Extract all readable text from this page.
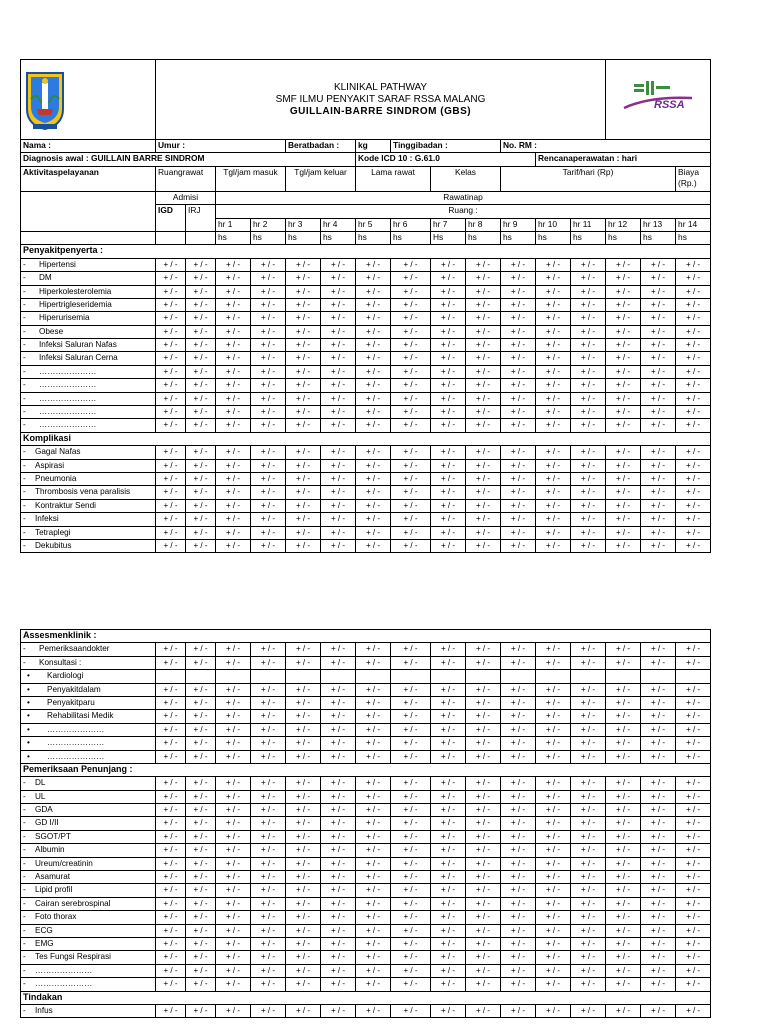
KLINIKAL PATHWAY
SMF ILMU PENYAKIT SARAF RSSA MALANG
GUILLAIN-BARRE SINDROM (GBS)													RSSA		

Nama :	Umur :				Beratbadan :		kg	Tinggibadan :			No. RM :					
Diagnosis awal : GUILLAIN BARRE SINDROM							Kode ICD 10 : G.61.0					Rencanaperawatan : hari				
Aktivitaspelayanan	Ruangrawat		Tgl/jam masuk		Tgl/jam keluar		Lama rawat		Kelas		Tarif/hari (Rp)					Biaya (Rp.)
	Admisi		Rawatinap													
	IGD	IRJ	Ruang :													
			hr 1	hr 2	hr 3	hr 4	hr 5	hr 6	hr 7	hr 8	hr 9	hr 10	hr 11	hr 12	hr 13	hr 14
			hs	hs	hs	hs	hs	hs	Hs	hs	hs	hs	hs	hs	hs	hs
Penyakitpenyerta :																
- Hipertensi	+ / -	+ / -	+ / -	+ / -	+ / -	+ / -	+ / -	+ / -	+ / -	+ / -	+ / -	+ / -	+ / -	+ / -	+ / -	+ / -
- DM	+ / -	+ / -	+ / -	+ / -	+ / -	+ / -	+ / -	+ / -	+ / -	+ / -	+ / -	+ / -	+ / -	+ / -	+ / -	+ / -
- Hiperkolesterolemia	+ / -	+ / -	+ / -	+ / -	+ / -	+ / -	+ / -	+ / -	+ / -	+ / -	+ / -	+ / -	+ / -	+ / -	+ / -	+ / -
- Hipertrigleseridemia	+ / -	+ / -	+ / -	+ / -	+ / -	+ / -	+ / -	+ / -	+ / -	+ / -	+ / -	+ / -	+ / -	+ / -	+ / -	+ / -
- Hiperurisemia	+ / -	+ / -	+ / -	+ / -	+ / -	+ / -	+ / -	+ / -	+ / -	+ / -	+ / -	+ / -	+ / -	+ / -	+ / -	+ / -
- Obese	+ / -	+ / -	+ / -	+ / -	+ / -	+ / -	+ / -	+ / -	+ / -	+ / -	+ / -	+ / -	+ / -	+ / -	+ / -	+ / -
- Infeksi Saluran Nafas	+ / -	+ / -	+ / -	+ / -	+ / -	+ / -	+ / -	+ / -	+ / -	+ / -	+ / -	+ / -	+ / -	+ / -	+ / -	+ / -
- Infeksi Saluran Cerna	+ / -	+ / -	+ / -	+ / -	+ / -	+ / -	+ / -	+ / -	+ / -	+ / -	+ / -	+ / -	+ / -	+ / -	+ / -	+ / -
- …………………	+ / -	+ / -	+ / -	+ / -	+ / -	+ / -	+ / -	+ / -	+ / -	+ / -	+ / -	+ / -	+ / -	+ / -	+ / -	+ / -
- …………………	+ / -	+ / -	+ / -	+ / -	+ / -	+ / -	+ / -	+ / -	+ / -	+ / -	+ / -	+ / -	+ / -	+ / -	+ / -	+ / -
- …………………	+ / -	+ / -	+ / -	+ / -	+ / -	+ / -	+ / -	+ / -	+ / -	+ / -	+ / -	+ / -	+ / -	+ / -	+ / -	+ / -
- …………………	+ / -	+ / -	+ / -	+ / -	+ / -	+ / -	+ / -	+ / -	+ / -	+ / -	+ / -	+ / -	+ / -	+ / -	+ / -	+ / -
- …………………	+ / -	+ / -	+ / -	+ / -	+ / -	+ / -	+ / -	+ / -	+ / -	+ / -	+ / -	+ / -	+ / -	+ / -	+ / -	+ / -
Komplikasi																
- Gagal Nafas	+ / -	+ / -	+ / -	+ / -	+ / -	+ / -	+ / -	+ / -	+ / -	+ / -	+ / -	+ / -	+ / -	+ / -	+ / -	+ / -
- Aspirasi	+ / -	+ / -	+ / -	+ / -	+ / -	+ / -	+ / -	+ / -	+ / -	+ / -	+ / -	+ / -	+ / -	+ / -	+ / -	+ / -
- Pneumonia	+ / -	+ / -	+ / -	+ / -	+ / -	+ / -	+ / -	+ / -	+ / -	+ / -	+ / -	+ / -	+ / -	+ / -	+ / -	+ / -
- Thrombosis vena paralisis	+ / -	+ / -	+ / -	+ / -	+ / -	+ / -	+ / -	+ / -	+ / -	+ / -	+ / -	+ / -	+ / -	+ / -	+ / -	+ / -
- Kontraktur Sendi	+ / -	+ / -	+ / -	+ / -	+ / -	+ / -	+ / -	+ / -	+ / -	+ / -	+ / -	+ / -	+ / -	+ / -	+ / -	+ / -
- Infeksi	+ / -	+ / -	+ / -	+ / -	+ / -	+ / -	+ / -	+ / -	+ / -	+ / -	+ / -	+ / -	+ / -	+ / -	+ / -	+ / -
- Tetraplegi	+ / -	+ / -	+ / -	+ / -	+ / -	+ / -	+ / -	+ / -	+ / -	+ / -	+ / -	+ / -	+ / -	+ / -	+ / -	+ / -
- Dekubitus	+ / -	+ / -	+ / -	+ / -	+ / -	+ / -	+ / -	+ / -	+ / -	+ / -	+ / -	+ / -	+ / -	+ / -	+ / -	+ / -
Assesmenklinik :																
- Pemeriksaandokter	+ / -	+ / -	+ / -	+ / -	+ / -	+ / -	+ / -	+ / -	+ / -	+ / -	+ / -	+ / -	+ / -	+ / -	+ / -	+ / -
- Konsultasi :	+ / -	+ / -	+ / -	+ / -	+ / -	+ / -	+ / -	+ / -	+ / -	+ / -	+ / -	+ / -	+ / -	+ / -	+ / -	+ / -
• Kardiologi																
• Penyakitdalam	+ / -	+ / -	+ / -	+ / -	+ / -	+ / -	+ / -	+ / -	+ / -	+ / -	+ / -	+ / -	+ / -	+ / -	+ / -	+ / -
• Penyakitparu	+ / -	+ / -	+ / -	+ / -	+ / -	+ / -	+ / -	+ / -	+ / -	+ / -	+ / -	+ / -	+ / -	+ / -	+ / -	+ / -
• Rehabilitasi Medik	+ / -	+ / -	+ / -	+ / -	+ / -	+ / -	+ / -	+ / -	+ / -	+ / -	+ / -	+ / -	+ / -	+ / -	+ / -	+ / -
• …………………	+ / -	+ / -	+ / -	+ / -	+ / -	+ / -	+ / -	+ / -	+ / -	+ / -	+ / -	+ / -	+ / -	+ / -	+ / -	+ / -
• …………………	+ / -	+ / -	+ / -	+ / -	+ / -	+ / -	+ / -	+ / -	+ / -	+ / -	+ / -	+ / -	+ / -	+ / -	+ / -	+ / -
• …………………	+ / -	+ / -	+ / -	+ / -	+ / -	+ / -	+ / -	+ / -	+ / -	+ / -	+ / -	+ / -	+ / -	+ / -	+ / -	+ / -
Pemeriksaan Penunjang :																
- DL	+ / -	+ / -	+ / -	+ / -	+ / -	+ / -	+ / -	+ / -	+ / -	+ / -	+ / -	+ / -	+ / -	+ / -	+ / -	+ / -
- UL	+ / -	+ / -	+ / -	+ / -	+ / -	+ / -	+ / -	+ / -	+ / -	+ / -	+ / -	+ / -	+ / -	+ / -	+ / -	+ / -
- GDA	+ / -	+ / -	+ / -	+ / -	+ / -	+ / -	+ / -	+ / -	+ / -	+ / -	+ / -	+ / -	+ / -	+ / -	+ / -	+ / -
- GD I/II	+ / -	+ / -	+ / -	+ / -	+ / -	+ / -	+ / -	+ / -	+ / -	+ / -	+ / -	+ / -	+ / -	+ / -	+ / -	+ / -
- SGOT/PT	+ / -	+ / -	+ / -	+ / -	+ / -	+ / -	+ / -	+ / -	+ / -	+ / -	+ / -	+ / -	+ / -	+ / -	+ / -	+ / -
- Albumin	+ / -	+ / -	+ / -	+ / -	+ / -	+ / -	+ / -	+ / -	+ / -	+ / -	+ / -	+ / -	+ / -	+ / -	+ / -	+ / -
- Ureum/creatinin	+ / -	+ / -	+ / -	+ / -	+ / -	+ / -	+ / -	+ / -	+ / -	+ / -	+ / -	+ / -	+ / -	+ / -	+ / -	+ / -
- Asamurat	+ / -	+ / -	+ / -	+ / -	+ / -	+ / -	+ / -	+ / -	+ / -	+ / -	+ / -	+ / -	+ / -	+ / -	+ / -	+ / -
- Lipid profil	+ / -	+ / -	+ / -	+ / -	+ / -	+ / -	+ / -	+ / -	+ / -	+ / -	+ / -	+ / -	+ / -	+ / -	+ / -	+ / -
- Cairan serebrospinal	+ / -	+ / -	+ / -	+ / -	+ / -	+ / -	+ / -	+ / -	+ / -	+ / -	+ / -	+ / -	+ / -	+ / -	+ / -	+ / -
- Foto thorax	+ / -	+ / -	+ / -	+ / -	+ / -	+ / -	+ / -	+ / -	+ / -	+ / -	+ / -	+ / -	+ / -	+ / -	+ / -	+ / -
- ECG	+ / -	+ / -	+ / -	+ / -	+ / -	+ / -	+ / -	+ / -	+ / -	+ / -	+ / -	+ / -	+ / -	+ / -	+ / -	+ / -
- EMG	+ / -	+ / -	+ / -	+ / -	+ / -	+ / -	+ / -	+ / -	+ / -	+ / -	+ / -	+ / -	+ / -	+ / -	+ / -	+ / -
- Tes Fungsi Respirasi	+ / -	+ / -	+ / -	+ / -	+ / -	+ / -	+ / -	+ / -	+ / -	+ / -	+ / -	+ / -	+ / -	+ / -	+ / -	+ / -
- …………………	+ / -	+ / -	+ / -	+ / -	+ / -	+ / -	+ / -	+ / -	+ / -	+ / -	+ / -	+ / -	+ / -	+ / -	+ / -	+ / -
- …………………	+ / -	+ / -	+ / -	+ / -	+ / -	+ / -	+ / -	+ / -	+ / -	+ / -	+ / -	+ / -	+ / -	+ / -	+ / -	+ / -
Tindakan																
- Infus	+ / -	+ / -	+ / -	+ / -	+ / -	+ / -	+ / -	+ / -	+ / -	+ / -	+ / -	+ / -	+ / -	+ / -	+ / -	+ / -
